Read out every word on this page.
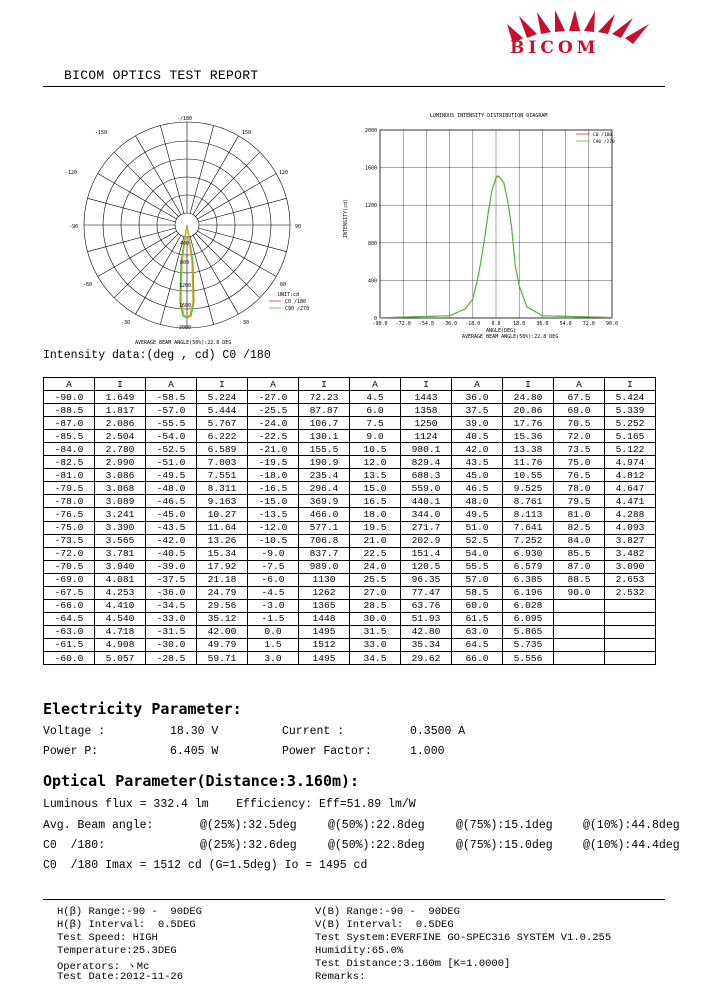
BICOM
BICOM OPTICS TEST REPORT
-/180
-150	150
-120	120
-90	90
-60	60
-30	30
400
800
1200
1600
2000
UNIT:cd
C0 /180
C90 /270
AVERAGE BEAM ANGLE(50%):22.8 DEG
LUMINOUS INTENSITY DISTRIBUTION DIAGRAM
2000
1600
1200
800
400
0
-90.0 -72.0 -54.0 -36.0 -18.0 0.0	18.0 36.0 54.0 72.0 90.0
INTENSITY(cd)
ANGLE(DEG)
AVERAGE BEAM ANGLE(50%):22.8 DEG
C0 /180
C90 /270
Intensity data:(deg , cd) C0 /180
A	I	A	I	A	I	A	I	A	I	A	I
-90.0	1.649	-58.5	5.224	-27.0	72.23	4.5	1443	36.0	24.80	67.5	5.424
-88.5	1.817	-57.0	5.444	-25.5	87.87	6.0	1358	37.5	20.86	69.0	5.339
-87.0	2.086	-55.5	5.767	-24.0	106.7	7.5	1250	39.0	17.76	70.5	5.252
-85.5	2.504	-54.0	6.222	-22.5	130.1	9.0	1124	40.5	15.36	72.0	5.165
-84.0	2.780	-52.5	6.589	-21.0	155.5	10.5	980.1	42.0	13.38	73.5	5.122
-82.5	2.990	-51.0	7.003	-19.5	190.9	12.0	829.4	43.5	11.76	75.0	4.974
-81.0	3.086	-49.5	7.551	-18.0	235.4	13.5	688.3	45.0	10.55	76.5	4.812
-79.5	3.068	-48.0	8.311	-16.5	296.4	15.0	559.0	46.5	9.525	78.0	4.647
-78.0	3.089	-46.5	9.163	-15.0	369.9	16.5	440.1	48.0	8.761	79.5	4.471
-76.5	3.241	-45.0	10.27	-13.5	466.0	18.0	344.0	49.5	8.113	81.0	4.288
-75.0	3.390	-43.5	11.64	-12.0	577.1	19.5	271.7	51.0	7.641	82.5	4.093
-73.5	3.565	-42.0	13.26	-10.5	706.8	21.0	202.9	52.5	7.252	84.0	3.827
-72.0	3.781	-40.5	15.34	-9.0	837.7	22.5	151.4	54.0	6.930	85.5	3.482
-70.5	3.940	-39.0	17.92	-7.5	989.0	24.0	120.5	55.5	6.579	87.0	3.090
-69.0	4.081	-37.5	21.18	-6.0	1130	25.5	96.35	57.0	6.385	88.5	2.653
-67.5	4.253	-36.0	24.79	-4.5	1262	27.0	77.47	58.5	6.196	90.0	2.532
-66.0	4.410	-34.5	29.56	-3.0	1365	28.5	63.76	60.0	6.028		
-64.5	4.540	-33.0	35.12	-1.5	1448	30.0	51.93	61.5	6.095		
-63.0	4.718	-31.5	42.00	0.0	1495	31.5	42.80	63.0	5.865		
-61.5	4.908	-30.0	49.79	1.5	1512	33.0	35.34	64.5	5.735		
-60.0	5.057	-28.5	59.71	3.0	1495	34.5	29.62	66.0	5.556		
Electricity Parameter:
Voltage :	18.30 V	Current :	0.3500 A
Power P:	6.405 W	Power Factor:	1.000
Optical Parameter(Distance:3.160m):
Luminous flux = 332.4 lm    Efficiency: Eff=51.89 lm/W
Avg. Beam angle:	@(25%):32.5deg	@(50%):22.8deg	@(75%):15.1deg	@(10%):44.8deg
C0  /180:	@(25%):32.6deg	@(50%):22.8deg	@(75%):15.0deg	@(10%):44.4deg
C0  /180 Imax = 1512 cd (G=1.5deg) Io = 1495 cd
H(β) Range:-90 -  90DEG
H(β) Interval:  0.5DEG
Test Speed: HIGH
Temperature:25.3DEG
Operators: ヽMc
Test Date:2012-11-26
V(B) Range:-90 -  90DEG
V(B) Interval:  0.5DEG
Test System:EVERFINE GO-SPEC316 SYSTEM V1.0.255
Humidity:65.0%
Test Distance:3.160m [K=1.0000]
Remarks:
